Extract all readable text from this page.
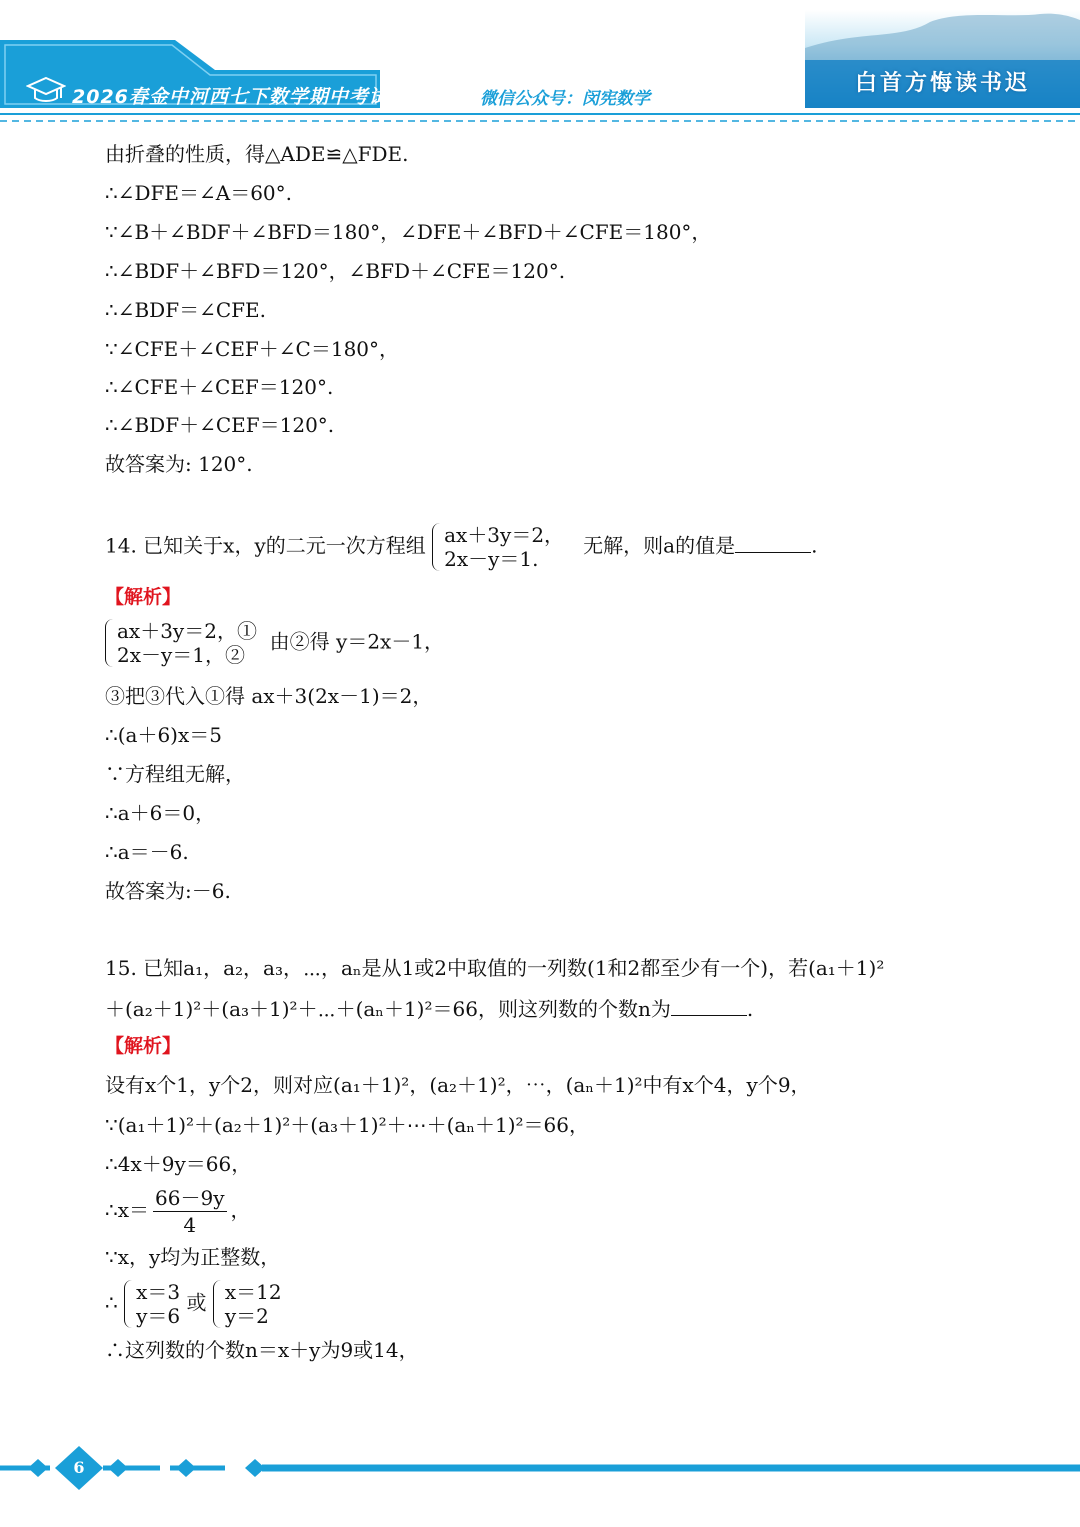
2026春金中河西七下数学期中考试	微信公众号：闵宪数学
白首方悔读书迟
由折叠的性质，得△ADE≌△FDE.
∴∠DFE＝∠A＝60°.
∵∠B＋∠BDF＋∠BFD＝180°，∠DFE＋∠BFD＋∠CFE＝180°，
∴∠BDF＋∠BFD＝120°，∠BFD＋∠CFE＝120°.
∴∠BDF＝∠CFE.
∵∠CFE＋∠CEF＋∠C＝180°，
∴∠CFE＋∠CEF＝120°.
∴∠BDF＋∠CEF＝120°.
故答案为: 120°.
14. 已知关于x，y的二元一次方程组 ax＋3y＝2，
2x－y＝1.
无解，则a的值是	.
【解析】
ax＋3y＝2，①
2x－y＝1，②
由②得 y＝2x－1，
③把③代入①得 ax＋3(2x－1)＝2，
∴(a＋6)x＝5
∵方程组无解，
∴a＋6＝0，
∴a＝－6.
故答案为:－6.
15. 已知a₁，a₂，a₃，⋯，aₙ是从1或2中取值的一列数(1和2都至少有一个)，若(a₁＋1)²
＋(a₂＋1)²＋(a₃＋1)²＋⋯＋(aₙ＋1)²＝66，则这列数的个数n为	.
【解析】
设有x个1，y个2，则对应(a₁＋1)²，(a₂＋1)²，⋯，(aₙ＋1)²中有x个4，y个9，
∵(a₁＋1)²＋(a₂＋1)²＋(a₃＋1)²＋⋯＋(aₙ＋1)²＝66，
∴4x＋9y＝66，
∴x＝ $\frac{66-9y}{4}$ ，
∵x，y均为正整数，
∴ x＝3
y＝6
或 x＝12
y＝2
∴这列数的个数n＝x＋y为9或14，
6
